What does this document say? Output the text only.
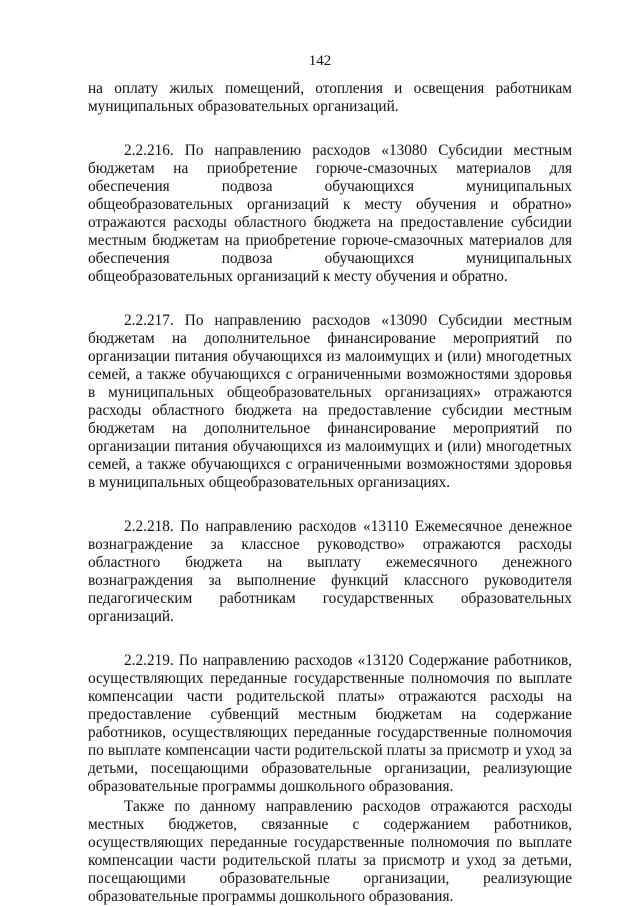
142

на оплату жилых помещений, отопления и освещения работникам муниципальных образовательных организаций.

2.2.216. По направлению расходов «13080 Субсидии местным бюджетам на приобретение горюче-смазочных материалов для обеспечения подвоза обучающихся муниципальных общеобразовательных организаций к месту обучения и обратно» отражаются расходы областного бюджета на предоставление субсидии местным бюджетам на приобретение горюче-смазочных материалов для обеспечения подвоза обучающихся муниципальных общеобразовательных организаций к месту обучения и обратно.

2.2.217. По направлению расходов «13090 Субсидии местным бюджетам на дополнительное финансирование мероприятий по организации питания обучающихся из малоимущих и (или) многодетных семей, а также обучающихся с ограниченными возможностями здоровья в муниципальных общеобразовательных организациях» отражаются расходы областного бюджета на предоставление субсидии местным бюджетам на дополнительное финансирование мероприятий по организации питания обучающихся из малоимущих и (или) многодетных семей, а также обучающихся с ограниченными возможностями здоровья в муниципальных общеобразовательных организациях.

2.2.218. По направлению расходов «13110 Ежемесячное денежное вознаграждение за классное руководство» отражаются расходы областного бюджета на выплату ежемесячного денежного вознаграждения за выполнение функций классного руководителя педагогическим работникам государственных образовательных организаций.

2.2.219. По направлению расходов «13120 Содержание работников, осуществляющих переданные государственные полномочия по выплате компенсации части родительской платы» отражаются расходы на предоставление субвенций местным бюджетам на содержание работников, осуществляющих переданные государственные полномочия по выплате компенсации части родительской платы за присмотр и уход за детьми, посещающими образовательные организации, реализующие образовательные программы дошкольного образования.

Также по данному направлению расходов отражаются расходы местных бюджетов, связанные с содержанием работников, осуществляющих переданные государственные полномочия по выплате компенсации части родительской платы за присмотр и уход за детьми, посещающими образовательные организации, реализующие образовательные программы дошкольного образования.
